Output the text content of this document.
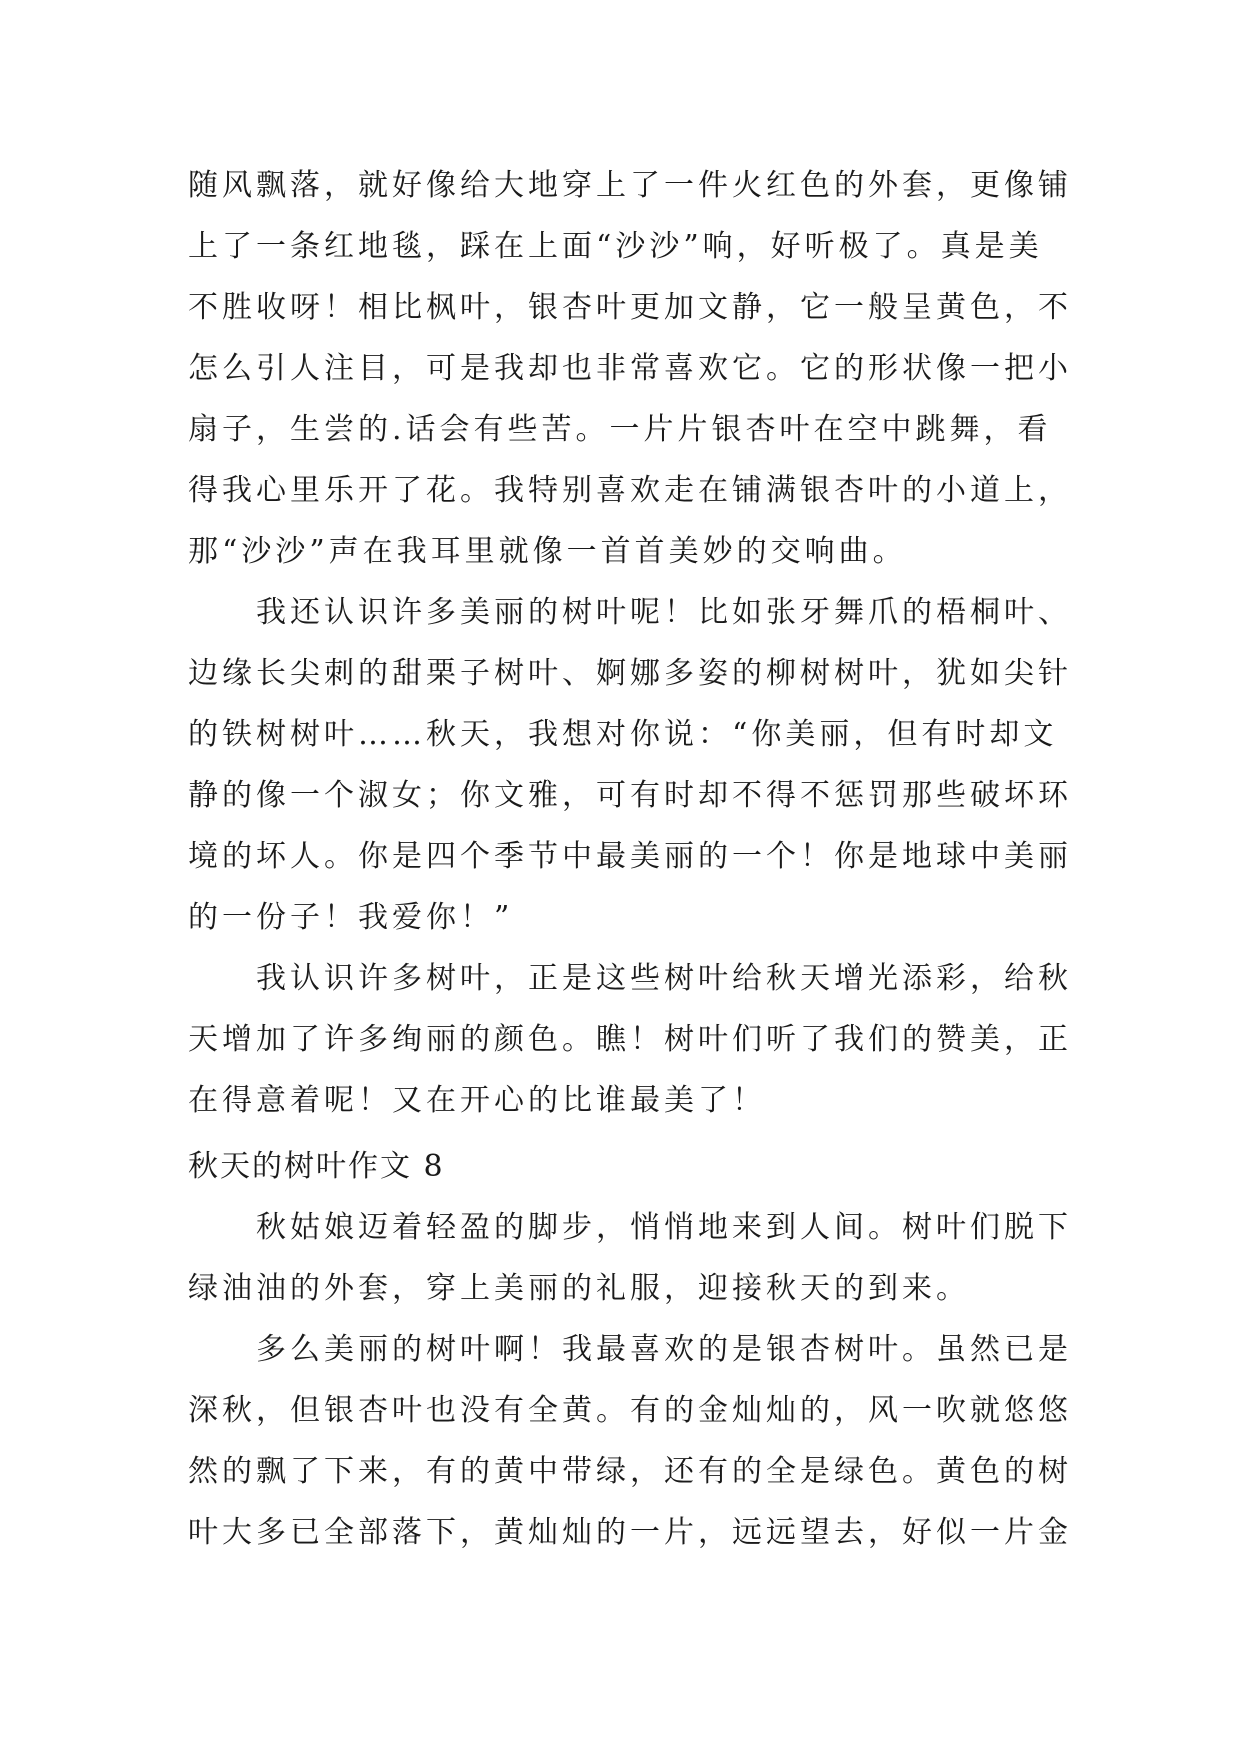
随风飘落，就好像给大地穿上了一件火红色的外套，更像铺
上了一条红地毯，踩在上面“沙沙”响，好听极了。真是美
不胜收呀！相比枫叶，银杏叶更加文静，它一般呈黄色，不
怎么引人注目，可是我却也非常喜欢它。它的形状像一把小
扇子，生尝的.话会有些苦。一片片银杏叶在空中跳舞，看
得我心里乐开了花。我特别喜欢走在铺满银杏叶的小道上，
那“沙沙”声在我耳里就像一首首美妙的交响曲。
我还认识许多美丽的树叶呢！比如张牙舞爪的梧桐叶、
边缘长尖刺的甜栗子树叶、婀娜多姿的柳树树叶，犹如尖针
的铁树树叶……秋天，我想对你说：“你美丽，但有时却文
静的像一个淑女；你文雅，可有时却不得不惩罚那些破坏环
境的坏人。你是四个季节中最美丽的一个！你是地球中美丽
的一份子！我爱你！”
我认识许多树叶，正是这些树叶给秋天增光添彩，给秋
天增加了许多绚丽的颜色。瞧！树叶们听了我们的赞美，正
在得意着呢！又在开心的比谁最美了！
秋天的树叶作文 8
秋姑娘迈着轻盈的脚步，悄悄地来到人间。树叶们脱下
绿油油的外套，穿上美丽的礼服，迎接秋天的到来。
多么美丽的树叶啊！我最喜欢的是银杏树叶。虽然已是
深秋，但银杏叶也没有全黄。有的金灿灿的，风一吹就悠悠
然的飘了下来，有的黄中带绿，还有的全是绿色。黄色的树
叶大多已全部落下，黄灿灿的一片，远远望去，好似一片金
